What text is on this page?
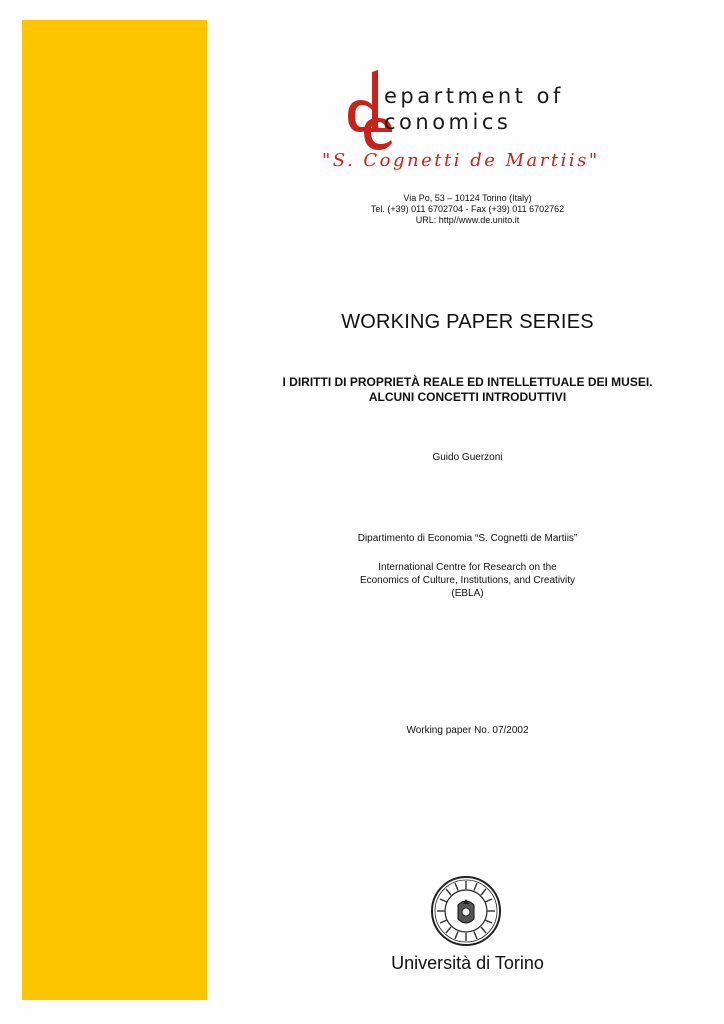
epartment of
conomics
"S. Cognetti de Martiis"
Via Po, 53 – 10124 Torino (Italy)
Tel. (+39) 011 6702704 - Fax (+39) 011 6702762
URL: http//www.de.unito.it
WORKING PAPER SERIES
I DIRITTI DI PROPRIETÀ REALE ED INTELLETTUALE DEI MUSEI.
ALCUNI CONCETTI INTRODUTTIVI
Guido Guerzoni
Dipartimento di Economia “S. Cognetti de Martiis”
International Centre for Research on the
Economics of Culture, Institutions, and Creativity
(EBLA)
Working paper No. 07/2002
Università di Torino
